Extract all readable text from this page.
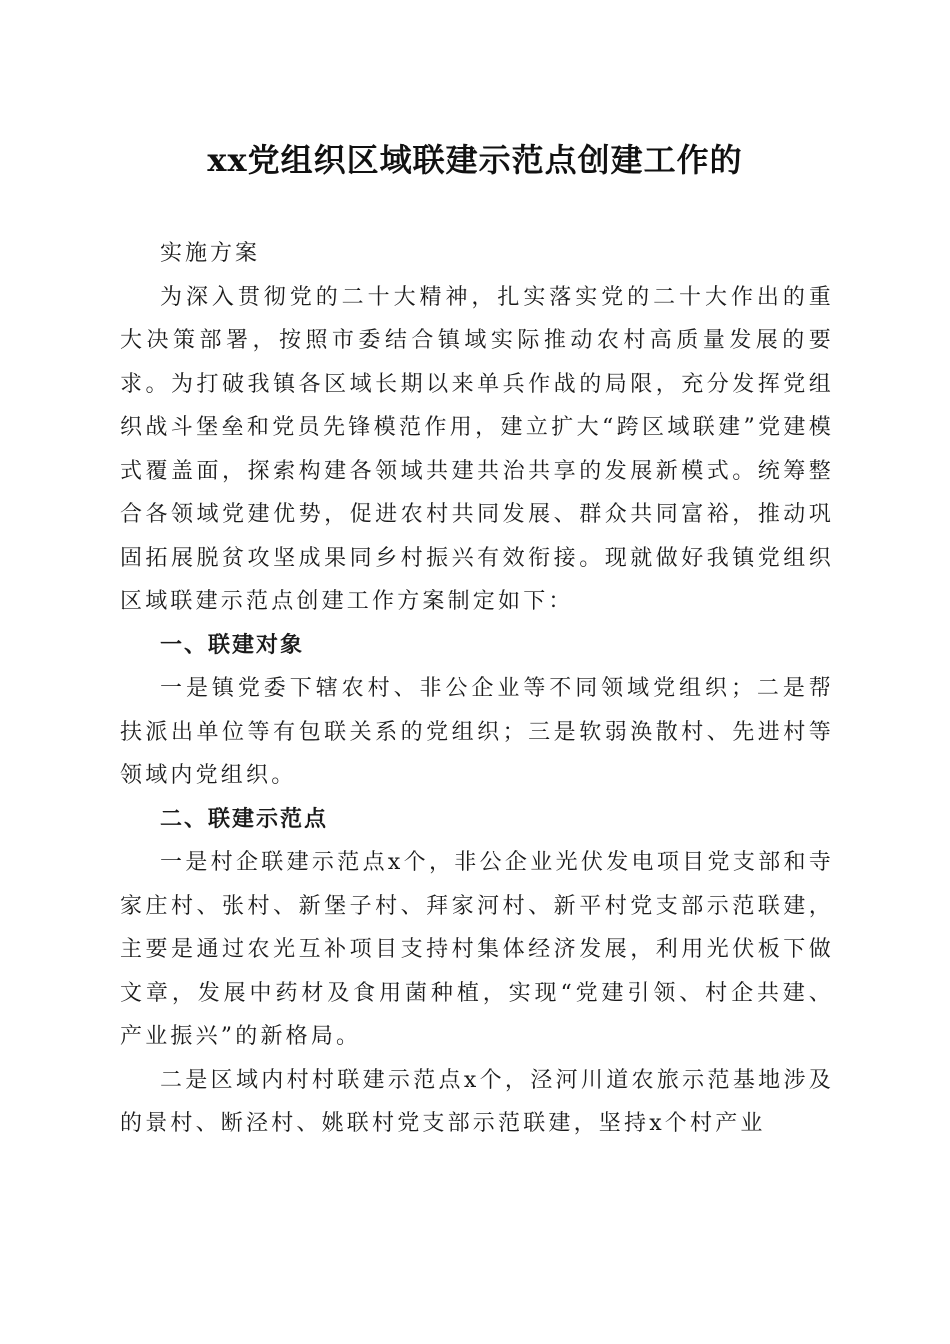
xx党组织区域联建示范点创建工作的

实施方案

为深入贯彻党的二十大精神，扎实落实党的二十大作出的重大决策部署，按照市委结合镇域实际推动农村高质量发展的要求。为打破我镇各区域长期以来单兵作战的局限，充分发挥党组织战斗堡垒和党员先锋模范作用，建立扩大“跨区域联建”党建模式覆盖面，探索构建各领域共建共治共享的发展新模式。统筹整合各领域党建优势，促进农村共同发展、群众共同富裕，推动巩固拓展脱贫攻坚成果同乡村振兴有效衔接。现就做好我镇党组织区域联建示范点创建工作方案制定如下：

一、联建对象

一是镇党委下辖农村、非公企业等不同领域党组织；二是帮扶派出单位等有包联关系的党组织；三是软弱涣散村、先进村等领域内党组织。

二、联建示范点

一是村企联建示范点x个，非公企业光伏发电项目党支部和寺家庄村、张村、新堡子村、拜家河村、新平村党支部示范联建，主要是通过农光互补项目支持村集体经济发展，利用光伏板下做文章，发展中药材及食用菌种植，实现“党建引领、村企共建、产业振兴”的新格局。

二是区域内村村联建示范点x个，泾河川道农旅示范基地涉及的景村、断泾村、姚联村党支部示范联建，坚持x个村产业
